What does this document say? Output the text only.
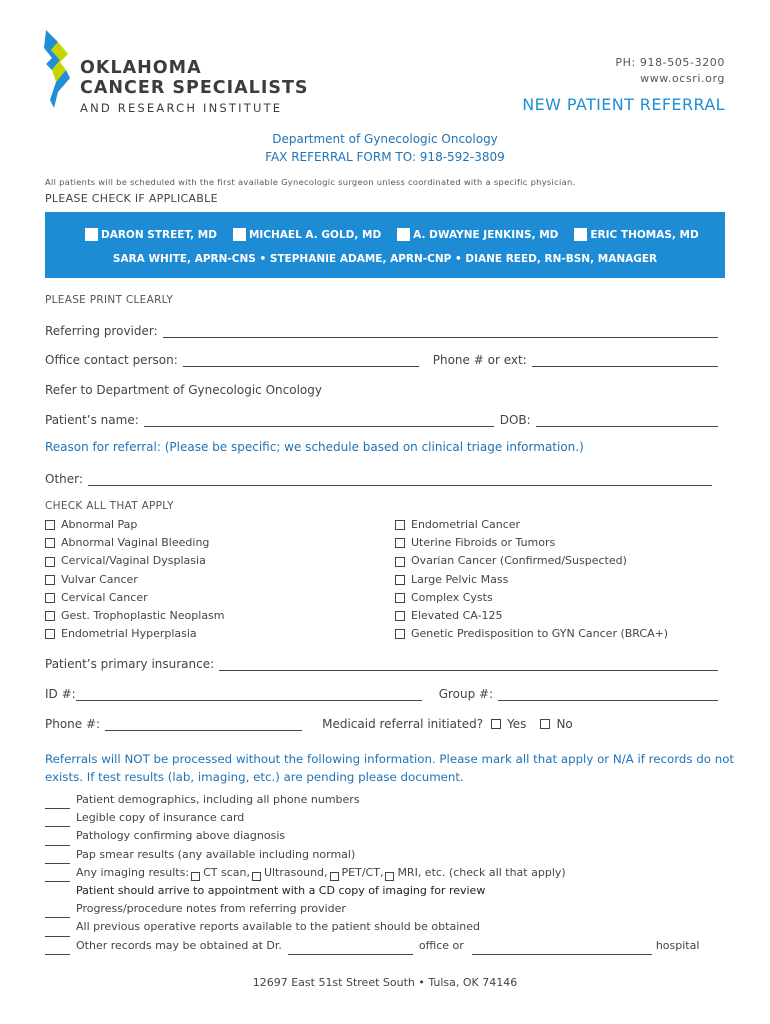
OKLAHOMA
CANCER SPECIALISTS
AND RESEARCH INSTITUTE
PH: 918-505-3200
www.ocsri.org
NEW PATIENT REFERRAL
Department of Gynecologic Oncology
FAX REFERRAL FORM TO: 918-592-3809
All patients will be scheduled with the first available Gynecologic surgeon unless coordinated with a specific physician.
PLEASE CHECK IF APPLICABLE
DARON STREET, MD	MICHAEL A. GOLD, MD	A. DWAYNE JENKINS, MD	ERIC THOMAS, MD
SARA WHITE, APRN-CNS • STEPHANIE ADAME, APRN-CNP • DIANE REED, RN-BSN, MANAGER
PLEASE PRINT CLEARLY
Referring provider:
Office contact person:	Phone # or ext:
Refer to Department of Gynecologic Oncology
Patient’s name:	DOB:
Reason for referral: (Please be specific; we schedule based on clinical triage information.)
Other:
CHECK ALL THAT APPLY
Abnormal Pap
Abnormal Vaginal Bleeding
Cervical/Vaginal Dysplasia
Vulvar Cancer
Cervical Cancer
Gest. Trophoplastic Neoplasm
Endometrial Hyperplasia
Endometrial Cancer
Uterine Fibroids or Tumors
Ovarian Cancer (Confirmed/Suspected)
Large Pelvic Mass
Complex Cysts
Elevated CA-125
Genetic Predisposition to GYN Cancer (BRCA+)
Patient’s primary insurance:
ID #:	Group #:
Phone #:	Medicaid referral initiated? Yes	No
Referrals will NOT be processed without the following information. Please mark all that apply or N/A if records do not exists. If test results (lab, imaging, etc.) are pending please document.
Patient demographics, including all phone numbers
Legible copy of insurance card
Pathology confirming above diagnosis
Pap smear results (any available including normal)
Any imaging results: CT scan, Ultrasound, PET/CT, MRI, etc. (check all that apply)
Patient should arrive to appointment with a CD copy of imaging for review
Progress/procedure notes from referring provider
All previous operative reports available to the patient should be obtained
Other records may be obtained at Dr.	office or	hospital
12697 East 51st Street South • Tulsa, OK 74146
